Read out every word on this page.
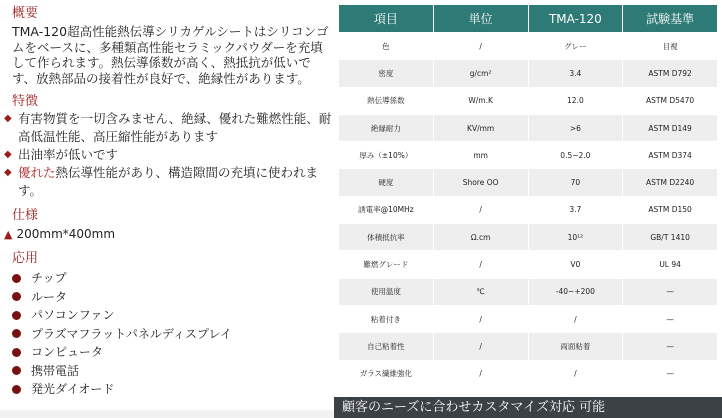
概要
TMA-120超高性能熱伝導シリカゲルシートはシリコンゴムをベースに、多種類高性能セラミックパウダーを充填して作られます。熱伝導係数が高く、熱抵抗が低いです、放熱部品の接着性が良好で、絶縁性があります。
特徴
◆ 有害物質を一切含みません、絶縁、優れた難燃性能、耐高低温性能、高圧縮性能があります
◆ 出油率が低いです
◆ 優れた熱伝導性能があり、構造隙間の充填に使われます。
仕様
▲ 200mm*400mm
応用
チップ
ルータ
パソコンファン
プラズマフラットパネルディスプレイ
コンピュータ
携帯電話
発光ダイオード
項目	単位	TMA-120	試験基準
色	/	グレー	目視
密度	g/cm²	3.4	ASTM D792
熱伝導係数	W/m.K	12.0	ASTM D5470
絶縁耐力	KV/mm	>6	ASTM D149
厚み（±10%）	mm	0.5~2.0	ASTM D374
硬度	Shore OO	70	ASTM D2240
誘電率@10MHz	/	3.7	ASTM D150
体積抵抗率	Ω.cm	10¹²	GB/T 1410
難燃グレード	/	V0	UL 94
使用温度	℃	-40~+200	—
粘着付き	/	/	—
自己粘着性	/	両面粘着	—
ガラス繊維強化	/	/	—
顧客のニーズに合わせカスタマイズ対応 可能
